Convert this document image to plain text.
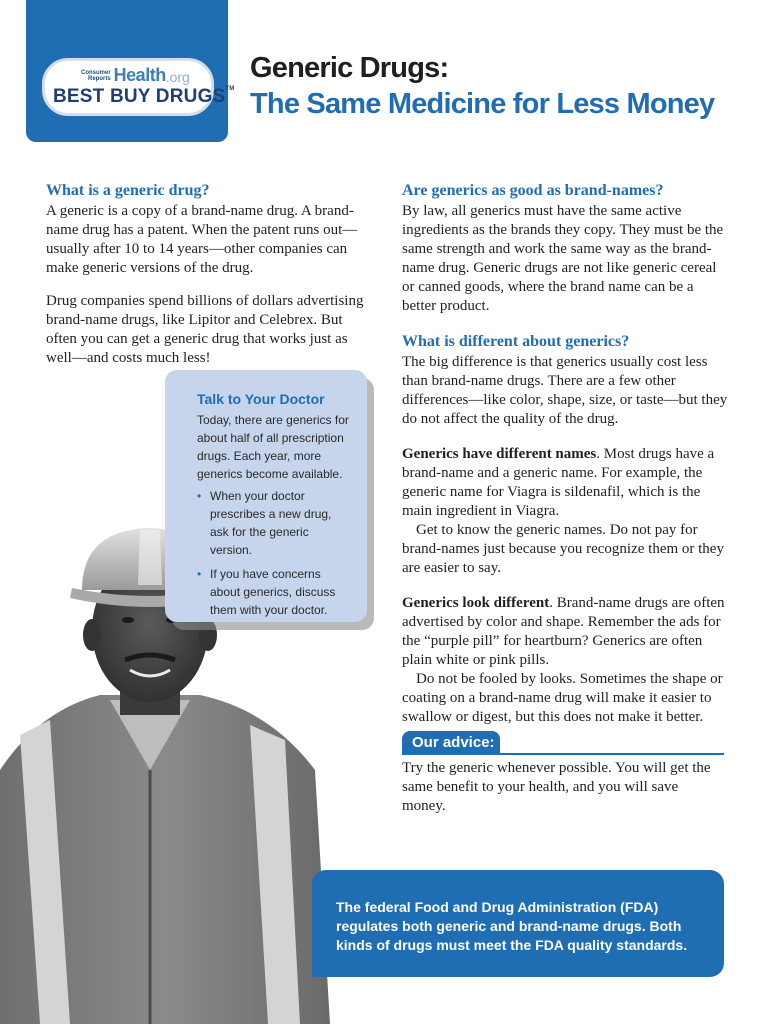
Consumer
Reports Health .org
BEST BUY DRUGS™
Generic Drugs:
The Same Medicine for Less Money

What is a generic drug?

A generic is a copy of a brand-name drug. A brand-name drug has a patent. When the patent runs out—usually after 10 to 14 years—other companies can make generic versions of the drug.

Drug companies spend billions of dollars advertising brand-name drugs, like Lipitor and Celebrex. But often you can get a generic drug that works just as well—and costs much less!

Talk to Your Doctor
Today, there are generics for about half of all prescription drugs. Each year, more generics become available.
• When your doctor prescribes a new drug, ask for the generic version.
• If you have concerns about generics, discuss them with your doctor.

Are generics as good as brand-names?

By law, all generics must have the same active ingredients as the brands they copy. They must be the same strength and work the same way as the brand-name drug. Generic drugs are not like generic cereal or canned goods, where the brand name can be a better product.

What is different about generics?

The big difference is that generics usually cost less than brand-name drugs. There are a few other differences—like color, shape, size, or taste—but they do not affect the quality of the drug.

Generics have different names. Most drugs have a brand-name and a generic name. For example, the generic name for Viagra is sildenafil, which is the main ingredient in Viagra.

Get to know the generic names. Do not pay for brand-names just because you recognize them or they are easier to say.

Generics look different. Brand-name drugs are often advertised by color and shape. Remember the ads for the “purple pill” for heartburn? Generics are often plain white or pink pills.

Do not be fooled by looks. Sometimes the shape or coating on a brand-name drug will make it easier to swallow or digest, but this does not make it better.

Our advice:
Try the generic whenever possible. You will get the same benefit to your health, and you will save money.
The federal Food and Drug Administration (FDA) regulates both generic and brand-name drugs. Both kinds of drugs must meet the FDA quality standards.
